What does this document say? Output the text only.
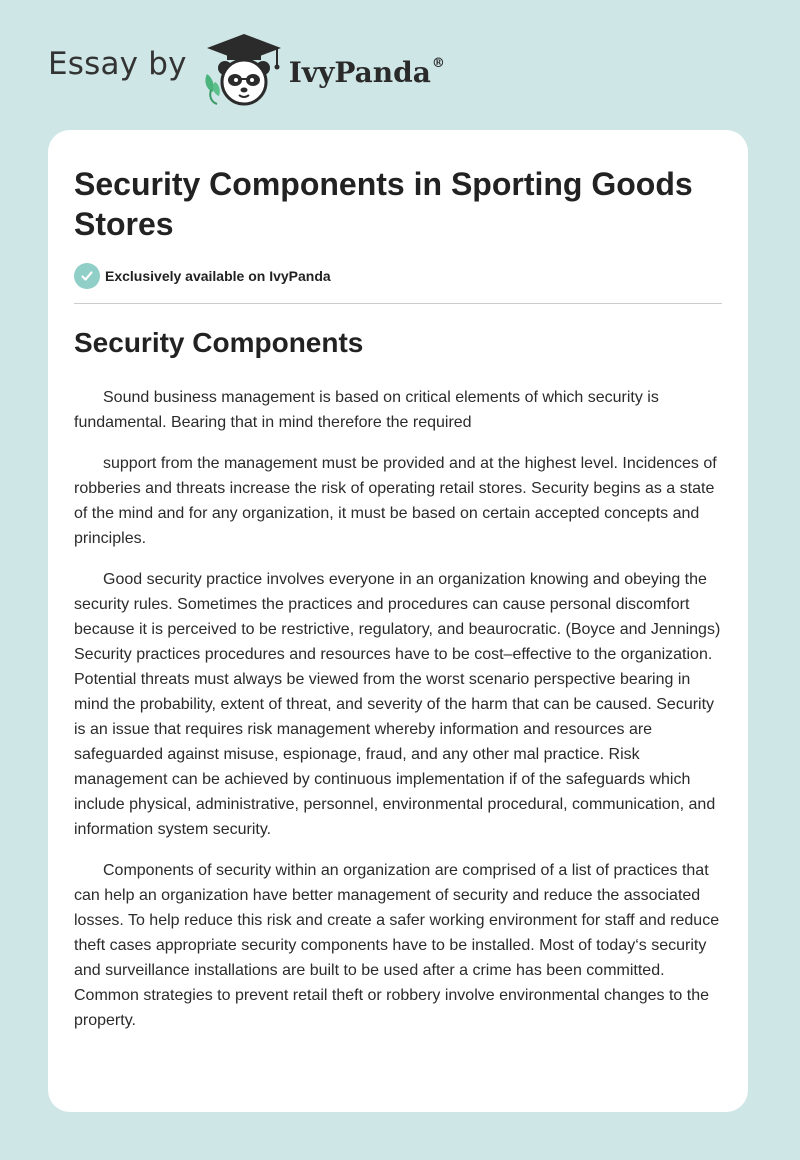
Essay by	IvyPanda®
Security Components in Sporting Goods Stores
Exclusively available on IvyPanda
Security Components

Sound business management is based on critical elements of which security is fundamental. Bearing that in mind therefore the required

support from the management must be provided and at the highest level. Incidences of robberies and threats increase the risk of operating retail stores. Security begins as a state of the mind and for any organization, it must be based on certain accepted concepts and principles.

Good security practice involves everyone in an organization knowing and obeying the security rules. Sometimes the practices and procedures can cause personal discomfort because it is perceived to be restrictive, regulatory, and beaurocratic. (Boyce and Jennings) Security practices procedures and resources have to be cost–effective to the organization. Potential threats must always be viewed from the worst scenario perspective bearing in mind the probability, extent of threat, and severity of the harm that can be caused. Security is an issue that requires risk management whereby information and resources are safeguarded against misuse, espionage, fraud, and any other mal practice. Risk management can be achieved by continuous implementation if of the safeguards which include physical, administrative, personnel, environmental procedural, communication, and information system security.

Components of security within an organization are comprised of a list of practices that can help an organization have better management of security and reduce the associated losses. To help reduce this risk and create a safer working environment for staff and reduce theft cases appropriate security components have to be installed. Most of today‘s security and surveillance installations are built to be used after a crime has been committed. Common strategies to prevent retail theft or robbery involve environmental changes to the property.
